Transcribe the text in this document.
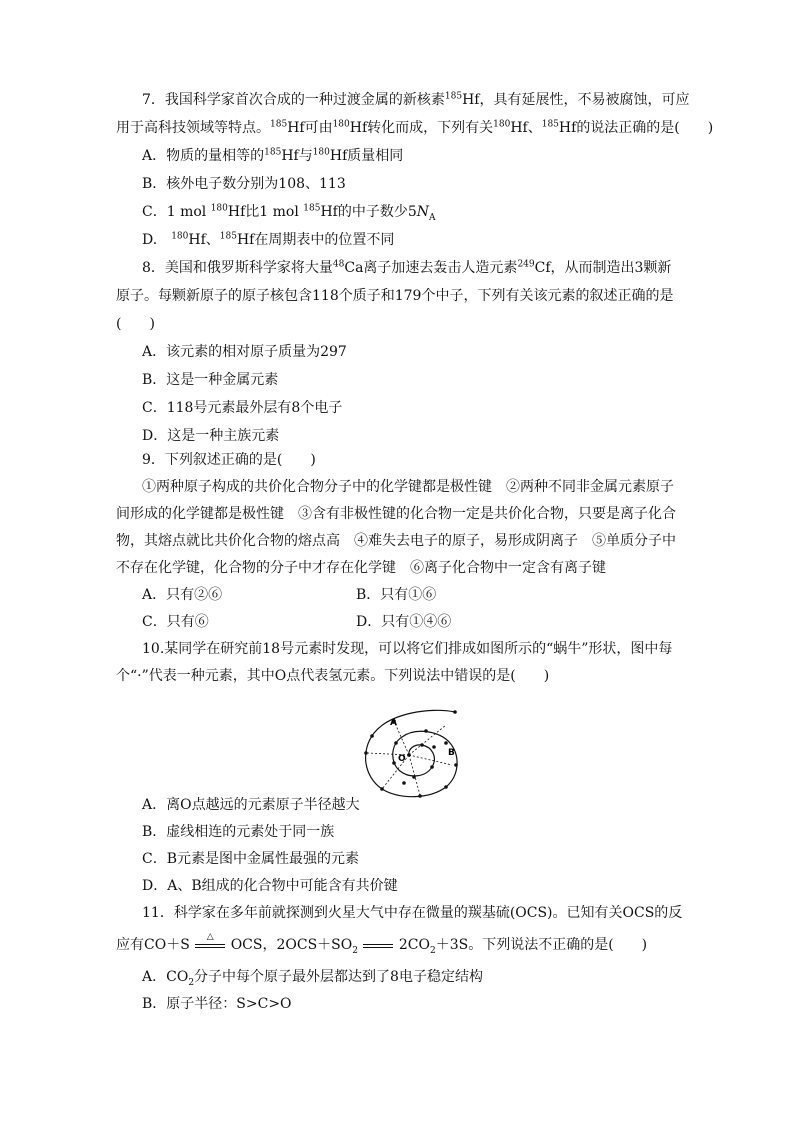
7．我国科学家首次合成的一种过渡金属的新核素$^{185}$Hf，具有延展性，不易被腐蚀，可应
用于高科技领域等特点。$^{185}$Hf可由$^{180}$Hf转化而成，下列有关$^{180}$Hf、$^{185}$Hf的说法正确的是(　　)
A．物质的量相等的$^{185}$Hf与$^{180}$Hf质量相同
B．核外电子数分别为108、113
C．1 mol $^{180}$Hf比1 mol $^{185}$Hf的中子数少$5N_A$
D.　$^{180}$Hf、$^{185}$Hf在周期表中的位置不同
8．美国和俄罗斯科学家将大量$^{48}$Ca离子加速去轰击人造元素$^{249}$Cf，从而制造出3颗新
原子。每颗新原子的原子核包含118个质子和179个中子，下列有关该元素的叙述正确的是
(　　)
A．该元素的相对原子质量为297
B．这是一种金属元素
C．118号元素最外层有8个电子
D．这是一种主族元素
9．下列叙述正确的是(　　)
①两种原子构成的共价化合物分子中的化学键都是极性键　②两种不同非金属元素原子
间形成的化学键都是极性键　③含有非极性键的化合物一定是共价化合物，只要是离子化合
物，其熔点就比共价化合物的熔点高　④难失去电子的原子，易形成阴离子　⑤单质分子中
不存在化学键，化合物的分子中才存在化学键　⑥离子化合物中一定含有离子键
A．只有②⑥	B．只有①⑥
C．只有⑥	D．只有①④⑥
10.某同学在研究前18号元素时发现，可以将它们排成如图所示的“蜗牛”形状，图中每
个“·”代表一种元素，其中O点代表氢元素。下列说法中错误的是(　　)
A
O
B
A．离O点越远的元素原子半径越大
B．虚线相连的元素处于同一族
C．B元素是图中金属性最强的元素
D．A、B组成的化合物中可能含有共价键
11．科学家在多年前就探测到火星大气中存在微量的羰基硫(OCS)。已知有关OCS的反
应有CO＋S	△	OCS，$2OCS+SO_2$	$2CO_2+3S$。下列说法不正确的是(　　)
A．$CO_2$分子中每个原子最外层都达到了8电子稳定结构
B．原子半径：S>C>O
